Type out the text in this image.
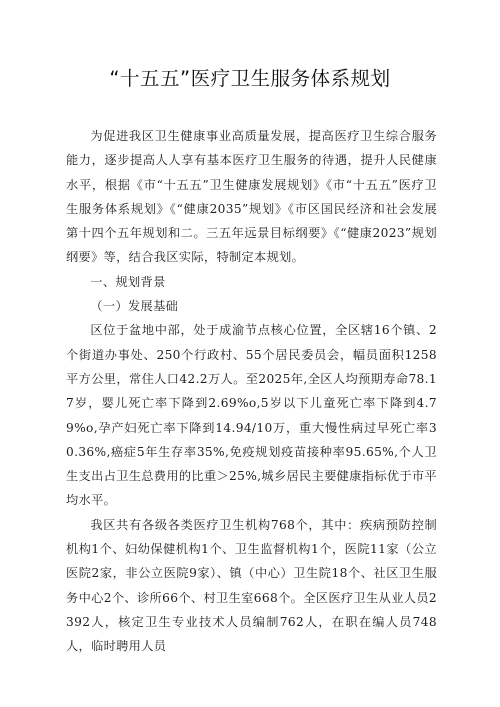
“十五五”医疗卫生服务体系规划

为促进我区卫生健康事业高质量发展，提高医疗卫生综合服务能力，逐步提高人人享有基本医疗卫生服务的待遇，提升人民健康水平，根据《市“十五五”卫生健康发展规划》《市“十五五”医疗卫生服务体系规划》《“健康2035”规划》《市区国民经济和社会发展第十四个五年规划和二。三五年远景目标纲要》《“健康2023”规划纲要》等，结合我区实际，特制定本规划。

一、规划背景

（一）发展基础

区位于盆地中部，处于成渝节点核心位置，全区辖16个镇、2个街道办事处、250个行政村、55个居民委员会，幅员面积1258平方公里，常住人口42.2万人。至2025年,全区人均预期寿命78.17岁，婴儿死亡率下降到2.69%o,5岁以下儿童死亡率下降到4.79%o,孕产妇死亡率下降到14.94/10万，重大慢性病过早死亡率30.36%,癌症5年生存率35%,免疫规划疫苗接种率95.65%,个人卫生支出占卫生总费用的比重＞25%,城乡居民主要健康指标优于市平均水平。

我区共有各级各类医疗卫生机构768个，其中：疾病预防控制机构1个、妇幼保健机构1个、卫生监督机构1个，医院11家（公立医院2家，非公立医院9家）、镇（中心）卫生院18个、社区卫生服务中心2个、诊所66个、村卫生室668个。全区医疗卫生从业人员2392人，核定卫生专业技术人员编制762人，在职在编人员748人，临时聘用人员
